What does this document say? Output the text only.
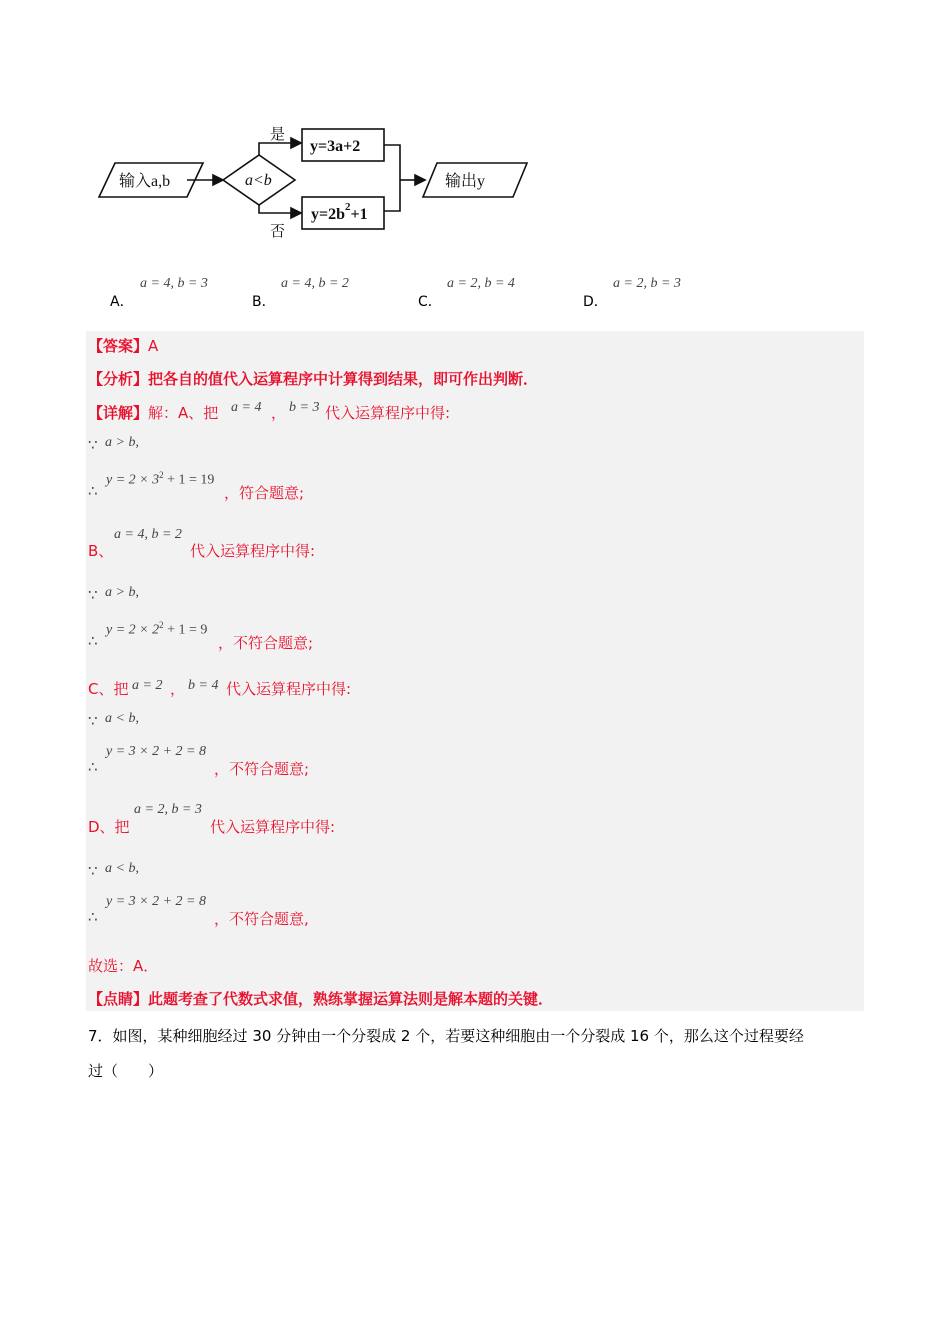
输入a,b	a<b
是
否
y=3a+2
$y=2b^2+1$
输出y
A．
a = 4, b = 3
B．
a = 4, b = 2
C．
a = 2, b = 4
D．
a = 2, b = 3
【答案】A
【分析】把各自的值代入运算程序中计算得到结果，即可作出判断．
【详解】解：A、把 a = 4 ， b = 3 代入运算程序中得:
∵ a > b,
$y = 2 \times 3^2 + 1 = 19$
∴	，符合题意;
B、
a = 4, b = 2
代入运算程序中得:
∵ a > b,
$y = 2 \times 2^2 + 1 = 9$
∴	，不符合题意;
C、把 a = 2 ， b = 4 代入运算程序中得:
∵ a < b,
y = 3 × 2 + 2 = 8
∴	，不符合题意;
D、把
a = 2, b = 3
代入运算程序中得:
∵ a < b,
y = 3 × 2 + 2 = 8
∴	，不符合题意,
故选：A．
【点睛】此题考查了代数式求值，熟练掌握运算法则是解本题的关键．
7．如图，某种细胞经过 30 分钟由一个分裂成 2 个，若要这种细胞由一个分裂成 16 个，那么这个过程要经
过（　　）
